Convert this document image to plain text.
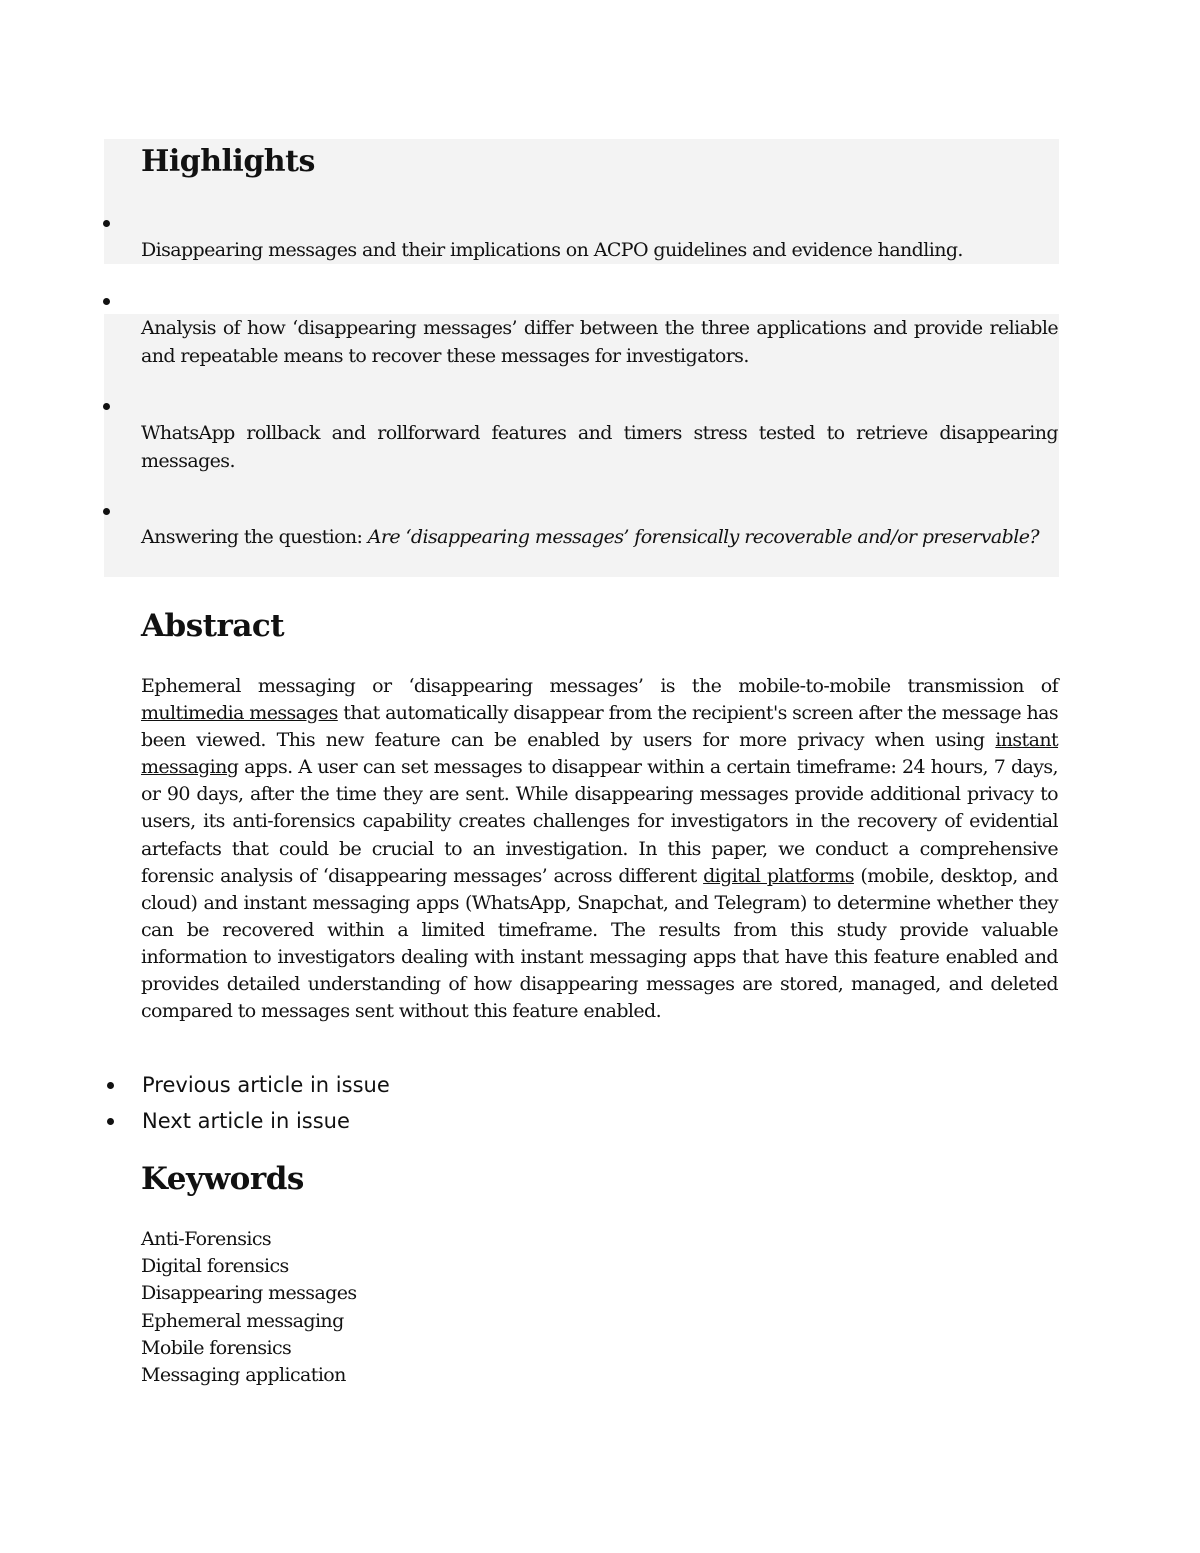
Highlights

Disappearing messages and their implications on ACPO guidelines and evidence handling.

Analysis of how ‘disappearing messages’ differ between the three applications and provide reliable and repeatable means to recover these messages for investigators.

WhatsApp rollback and rollforward features and timers stress tested to retrieve disappearing messages.

Answering the question: Are ‘disappearing messages’ forensically recoverable and/or preservable?

Abstract

Ephemeral messaging or ‘disappearing messages’ is the mobile-to-mobile transmission of multimedia messages that automatically disappear from the recipient's screen after the message has been viewed. This new feature can be enabled by users for more privacy when using instant messaging apps. A user can set messages to disappear within a certain timeframe: 24 hours, 7 days, or 90 days, after the time they are sent. While disappearing messages provide additional privacy to users, its anti-forensics capability creates challenges for investigators in the recovery of evidential artefacts that could be crucial to an investigation. In this paper, we conduct a comprehensive forensic analysis of ‘disappearing messages’ across different digital platforms (mobile, desktop, and cloud) and instant messaging apps (WhatsApp, Snapchat, and Telegram) to determine whether they can be recovered within a limited timeframe. The results from this study provide valuable information to investigators dealing with instant messaging apps that have this feature enabled and provides detailed understanding of how disappearing messages are stored, managed, and deleted compared to messages sent without this feature enabled.

Previous article in issue
Next article in issue
Keywords
Anti-Forensics
Digital forensics
Disappearing messages
Ephemeral messaging
Mobile forensics
Messaging application
